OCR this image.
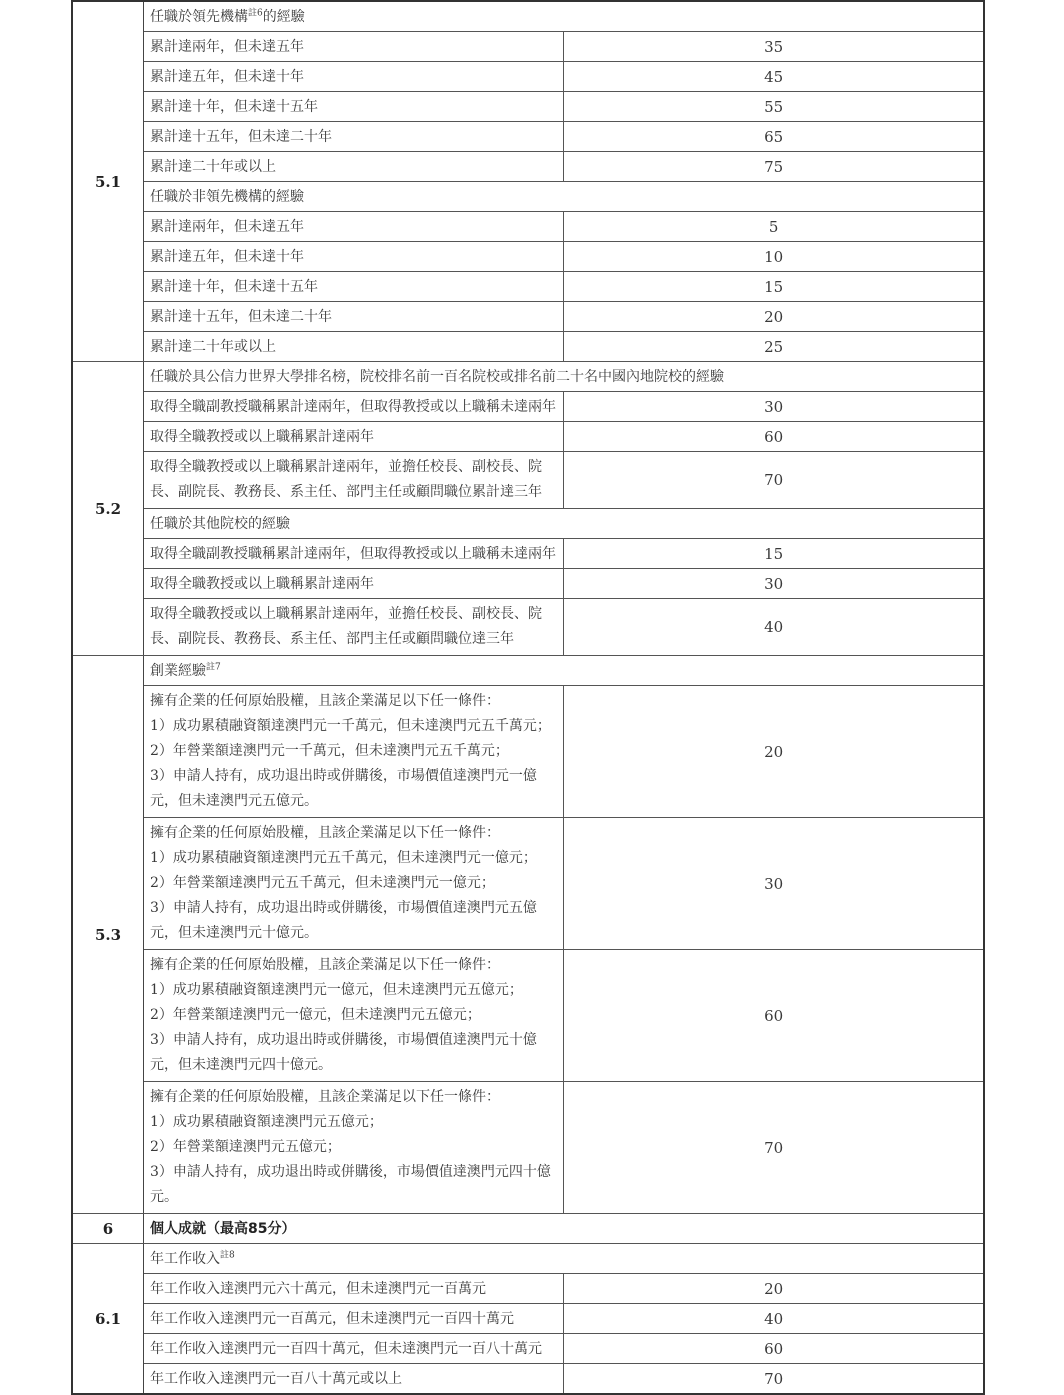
5.1	任職於領先機構$^{註6}$的經驗	
	累計達兩年，但未達五年	35
	累計達五年，但未達十年	45
	累計達十年，但未達十五年	55
	累計達十五年，但未達二十年	65
	累計達二十年或以上	75
	任職於非領先機構的經驗	
	累計達兩年，但未達五年	5
	累計達五年，但未達十年	10
	累計達十年，但未達十五年	15
	累計達十五年，但未達二十年	20
	累計達二十年或以上	25
5.2	任職於具公信力世界大學排名榜，院校排名前一百名院校或排名前二十名中國內地院校的經驗	
	取得全職副教授職稱累計達兩年，但取得教授或以上職稱未達兩年	30
	取得全職教授或以上職稱累計達兩年	60
	取得全職教授或以上職稱累計達兩年，並擔任校長、副校長、院長、副院長、教務長、系主任、部門主任或顧問職位累計達三年	70
	任職於其他院校的經驗	
	取得全職副教授職稱累計達兩年，但取得教授或以上職稱未達兩年	15
	取得全職教授或以上職稱累計達兩年	30
	取得全職教授或以上職稱累計達兩年，並擔任校長、副校長、院長、副院長、教務長、系主任、部門主任或顧問職位達三年	40
5.3	創業經驗$^{註7}$

	擁有企業的任何原始股權，且該企業滿足以下任一條件：
1）成功累積融資額達澳門元一千萬元，但未達澳門元五千萬元；
2）年營業額達澳門元一千萬元，但未達澳門元五千萬元；
3）申請人持有，成功退出時或併購後，市場價值達澳門元一億元，但未達澳門元五億元。	20

	擁有企業的任何原始股權，且該企業滿足以下任一條件：
1）成功累積融資額達澳門元五千萬元，但未達澳門元一億元；
2）年營業額達澳門元五千萬元，但未達澳門元一億元；
3）申請人持有，成功退出時或併購後，市場價值達澳門元五億元，但未達澳門元十億元。	30

	擁有企業的任何原始股權，且該企業滿足以下任一條件：
1）成功累積融資額達澳門元一億元，但未達澳門元五億元；
2）年營業額達澳門元一億元，但未達澳門元五億元；
3）申請人持有，成功退出時或併購後，市場價值達澳門元十億元，但未達澳門元四十億元。	60

	擁有企業的任何原始股權，且該企業滿足以下任一條件：
1）成功累積融資額達澳門元五億元；
2）年營業額達澳門元五億元；
3）申請人持有，成功退出時或併購後，市場價值達澳門元四十億元。	70
6	個人成就（最高85分）	
6.1	年工作收入$^{註8}$
	年工作收入達澳門元六十萬元，但未達澳門元一百萬元	20
	年工作收入達澳門元一百萬元，但未達澳門元一百四十萬元	40
	年工作收入達澳門元一百四十萬元，但未達澳門元一百八十萬元	60
	年工作收入達澳門元一百八十萬元或以上	70
